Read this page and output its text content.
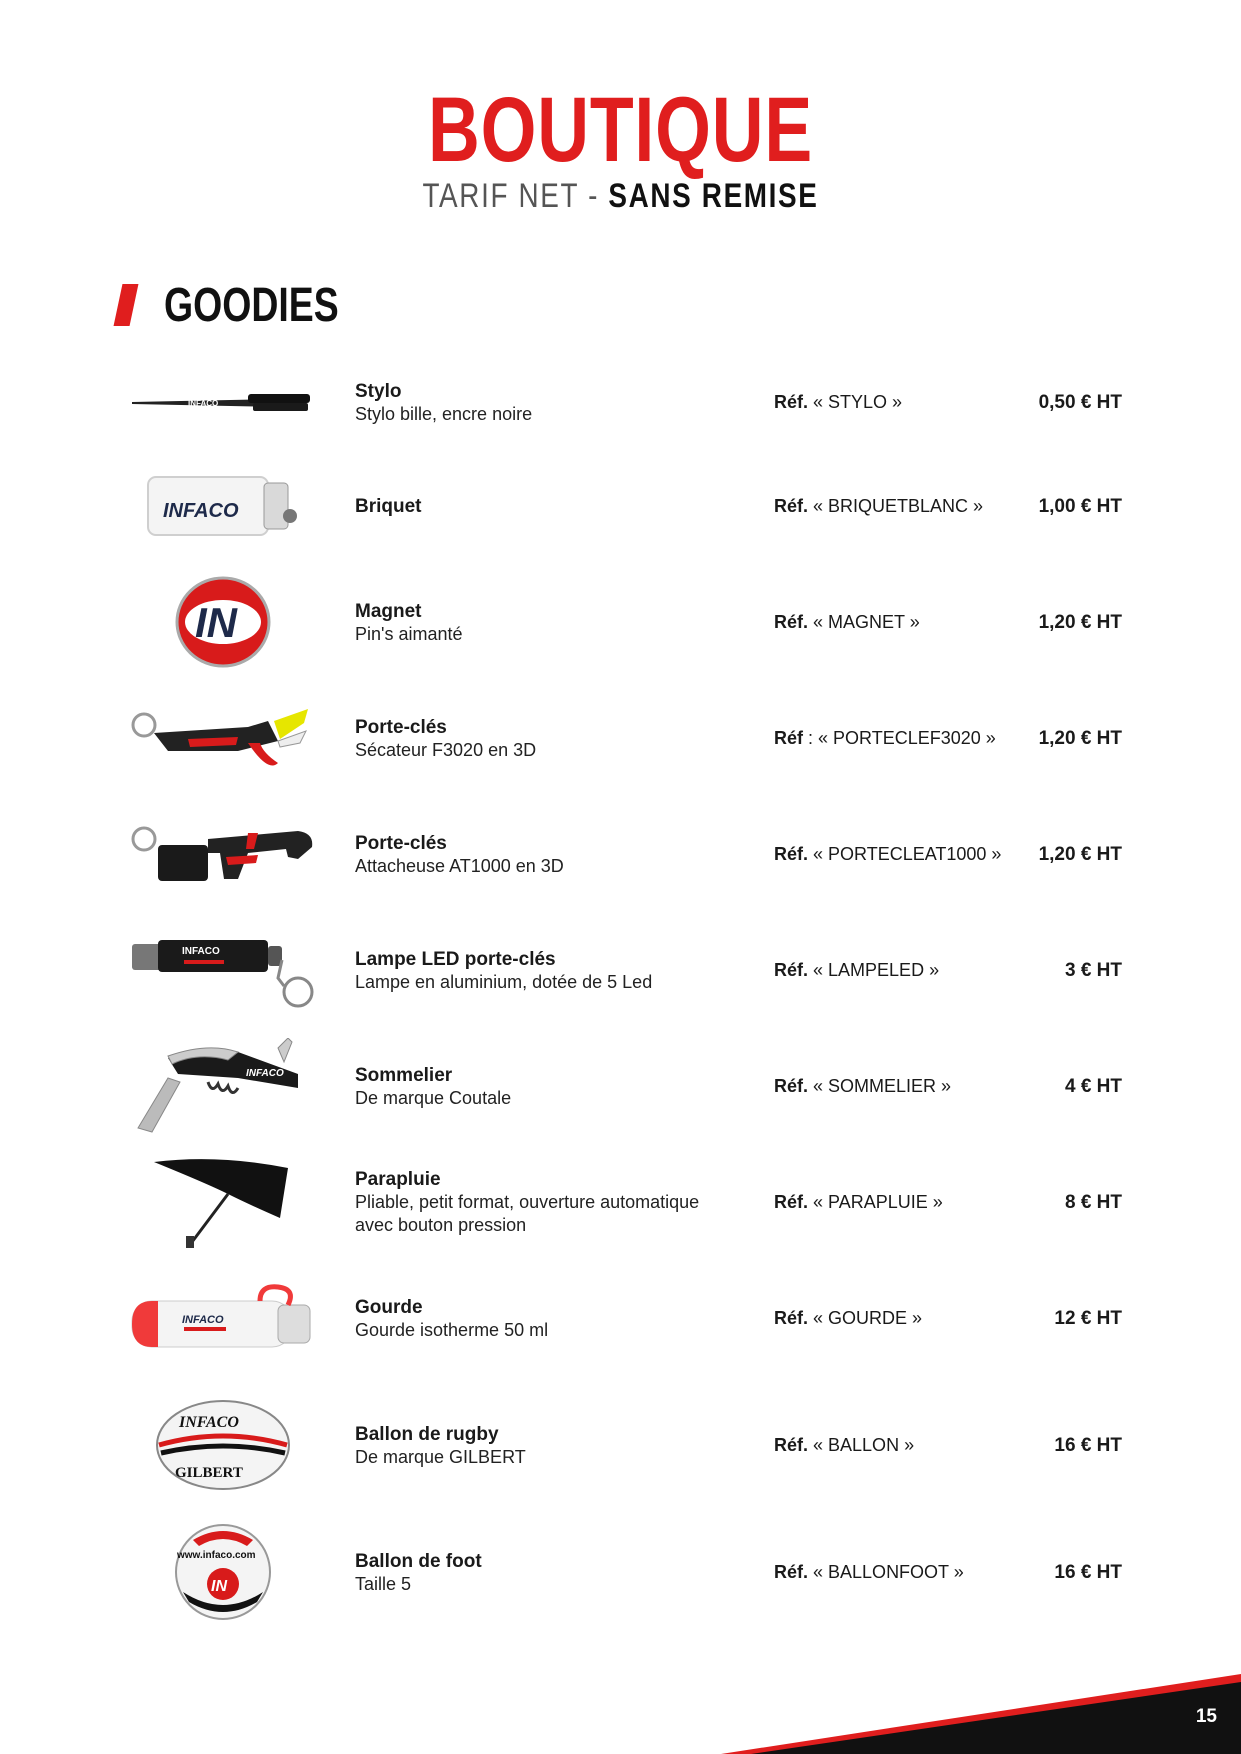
BOUTIQUE
TARIF NET - SANS REMISE
GOODIES
INFACO
Stylo
Stylo bille, encre noire
Réf. « STYLO »	0,50 € HT
INFACO	Briquet	Réf. « BRIQUETBLANC »	1,00 € HT
IN	Magnet
Pin's aimanté
Réf. « MAGNET »	1,20 € HT
Porte-clés
Sécateur F3020 en 3D
Réf : « PORTECLEF3020 » 1,20 € HT
Porte-clés
Attacheuse AT1000 en 3D
Réf. « PORTECLEAT1000 » 1,20 € HT
INFACO	Lampe LED porte-clés
Lampe en aluminium, dotée de 5 Led
Réf. « LAMPELED »	3 € HT
INFACO	Sommelier
De marque Coutale
Réf. « SOMMELIER »	4 € HT
Parapluie
Pliable, petit format, ouverture automatique avec bouton pression
Réf. « PARAPLUIE »	8 € HT
INFACO
Gourde
Gourde isotherme 50 ml
Réf. « GOURDE »	12 € HT
INFACO
GILBERT
Ballon de rugby
De marque GILBERT
Réf. « BALLON »	16 € HT
www.infaco.com
IN
Ballon de foot
Taille 5
Réf. « BALLONFOOT »	16 € HT
15
